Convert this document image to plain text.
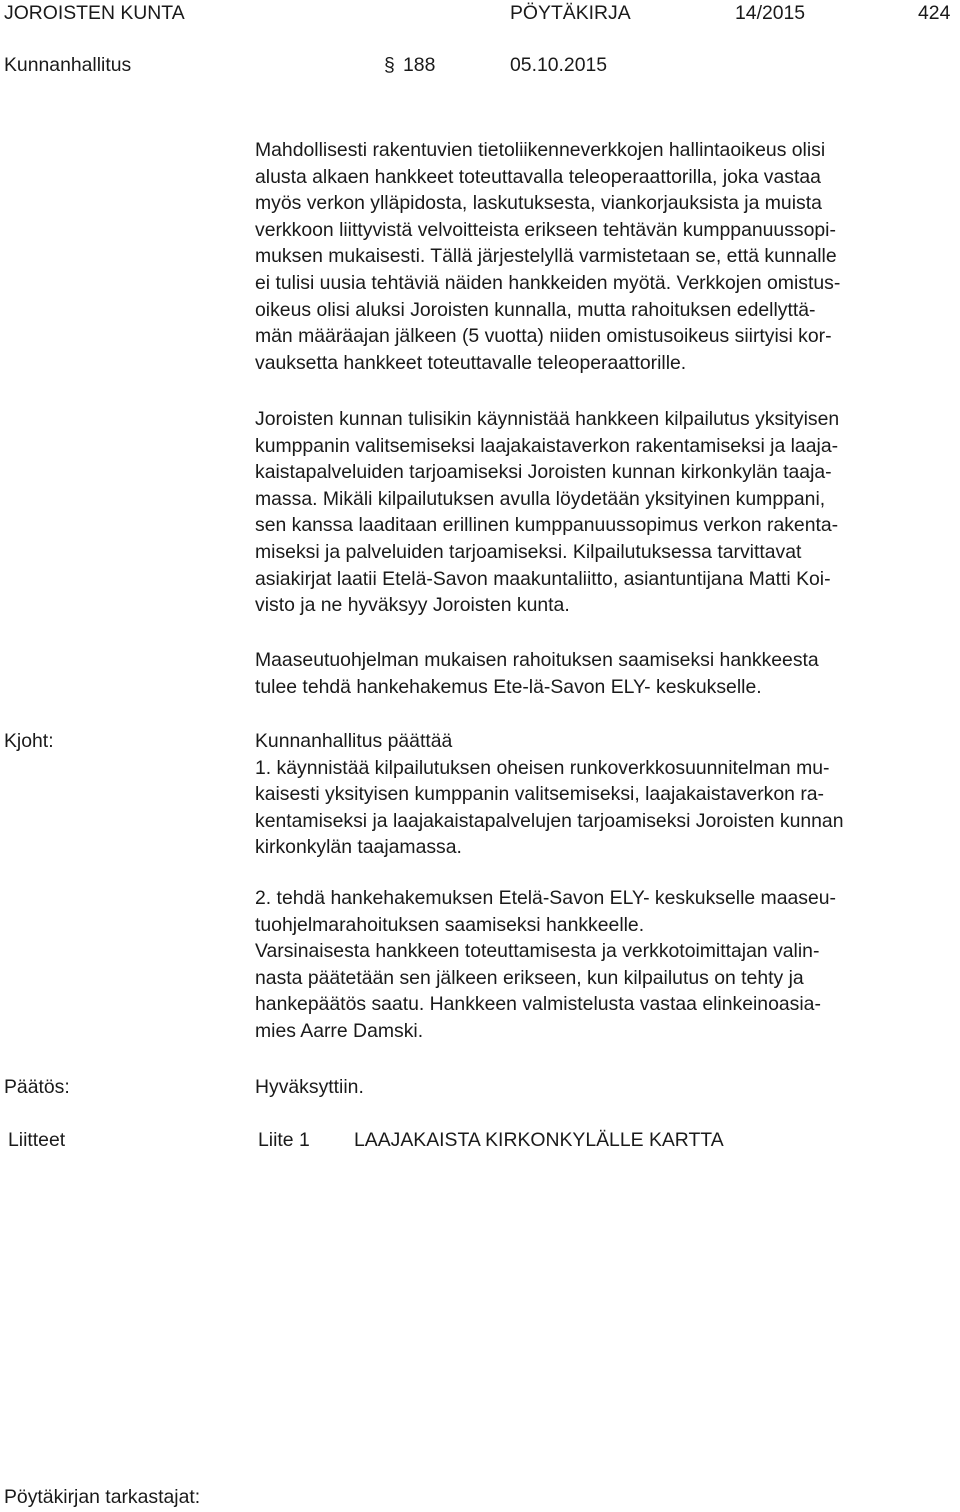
JOROISTEN KUNTA	PÖYTÄKIRJA	14/2015	424
Kunnanhallitus	§ 188	05.10.2015

Mahdollisesti rakentuvien tietoliikenneverkkojen hallintaoikeus olisi
alusta alkaen hankkeet toteuttavalla teleoperaattorilla, joka vastaa
myös verkon ylläpidosta, laskutuksesta, viankorjauksista ja muista
verkkoon liittyvistä velvoitteista erikseen tehtävän kumppanuussopi-
muksen mukaisesti. Tällä järjestelyllä varmistetaan se, että kunnalle
ei tulisi uusia tehtäviä näiden hankkeiden myötä. Verkkojen omistus-
oikeus olisi aluksi Joroisten kunnalla, mutta rahoituksen edellyttä-
män määräajan jälkeen (5 vuotta) niiden omistusoikeus siirtyisi kor-
vauksetta hankkeet toteuttavalle teleoperaattorille.

Joroisten kunnan tulisikin käynnistää hankkeen kilpailutus yksityisen
kumppanin valitsemiseksi laajakaistaverkon rakentamiseksi ja laaja-
kaistapalveluiden tarjoamiseksi Joroisten kunnan kirkonkylän taaja-
massa. Mikäli kilpailutuksen avulla löydetään yksityinen kumppani,
sen kanssa laaditaan erillinen kumppanuussopimus verkon rakenta-
miseksi ja palveluiden tarjoamiseksi. Kilpailutuksessa tarvittavat
asiakirjat laatii Etelä-Savon maakuntaliitto, asiantuntijana Matti Koi-
visto ja ne hyväksyy Joroisten kunta.

Maaseutuohjelman mukaisen rahoituksen saamiseksi hankkeesta
tulee tehdä hankehakemus Ete-lä-Savon ELY- keskukselle.

Kjoht:	Kunnanhallitus päättää
1. käynnistää kilpailutuksen oheisen runkoverkkosuunnitelman mu-
kaisesti yksityisen kumppanin valitsemiseksi, laajakaistaverkon ra-
kentamiseksi ja laajakaistapalvelujen tarjoamiseksi Joroisten kunnan
kirkonkylän taajamassa.

2. tehdä hankehakemuksen Etelä-Savon ELY- keskukselle maaseu-
tuohjelmarahoituksen saamiseksi hankkeelle.
Varsinaisesta hankkeen toteuttamisesta ja verkkotoimittajan valin-
nasta päätetään sen jälkeen erikseen, kun kilpailutus on tehty ja
hankepäätös saatu. Hankkeen valmistelusta vastaa elinkeinoasia-
mies Aarre Damski.

Päätös:	Hyväksyttiin.
Liitteet	Liite 1 LAAJAKAISTA KIRKONKYLÄLLE KARTTA
Pöytäkirjan tarkastajat:
